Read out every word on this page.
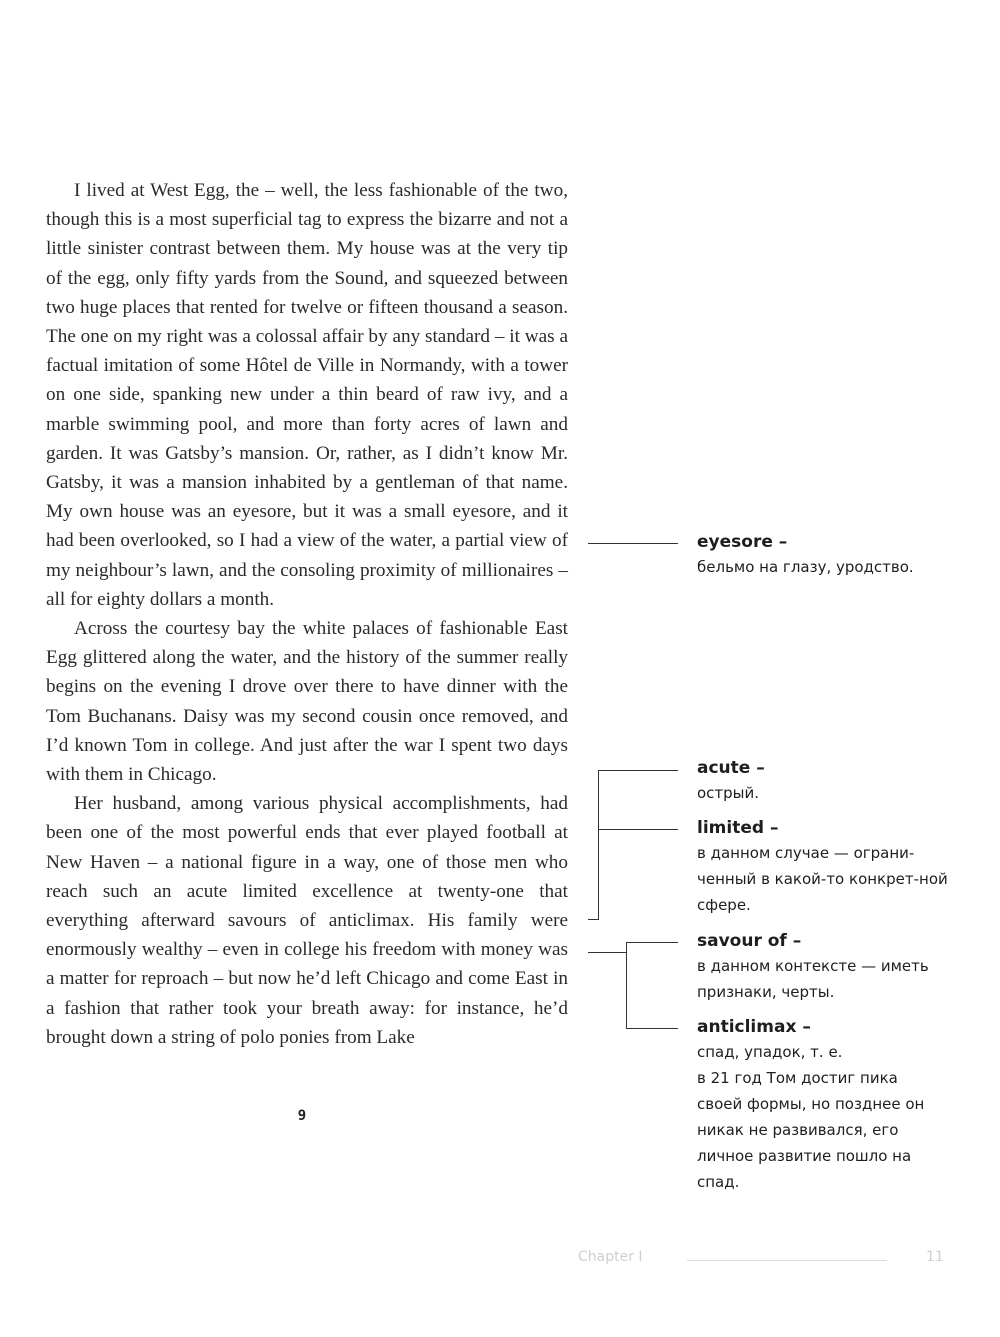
I lived at West Egg, the – well, the less fashionable of the two, though this is a most superficial tag to express the bizarre and not a little sinister contrast between them. My house was at the very tip of the egg, only fifty yards from the Sound, and squeezed between two huge places that rented for twelve or fifteen thousand a season. The one on my right was a colossal affair by any standard – it was a factual imitation of some Hôtel de Ville in Normandy, with a tower on one side, spanking new under a thin beard of raw ivy, and a marble swimming pool, and more than forty acres of lawn and garden. It was Gatsby’s mansion. Or, rather, as I didn’t know Mr. Gatsby, it was a mansion inhabited by a gentleman of that name. My own house was an eyesore, but it was a small eyesore, and it had been overlooked, so I had a view of the water, a partial view of my neighbour’s lawn, and the consoling proximity of millionaires – all for eighty dollars a month.

Across the courtesy bay the white palaces of fashionable East Egg glittered along the water, and the history of the summer really begins on the evening I drove over there to have dinner with the Tom Buchanans. Daisy was my second cousin once removed, and I’d known Tom in college. And just after the war I spent two days with them in Chicago.

Her husband, among various physical accomplishments, had been one of the most powerful ends that ever played football at New Haven – a national figure in a way, one of those men who reach such an acute limited excellence at twenty-one that everything afterward savours of anticlimax. His family were enormously wealthy – even in college his freedom with money was a matter for reproach – but now he’d left Chicago and come East in a fashion that rather took your breath away: for instance, he’d brought down a string of polo ponies from Lake

9
eyesore –
бельмо на глазу, уродство.
acute –
острый.
limited –
в данном случае — ограни-ченный в какой-то конкрет-ной сфере.
savour of –
в данном контексте — иметь признаки, черты.
anticlimax –
спад, упадок, т. е.
в 21 год Том достиг пика своей формы, но позднее он никак не развивался, его личное развитие пошло на спад.
Chapter I	11
